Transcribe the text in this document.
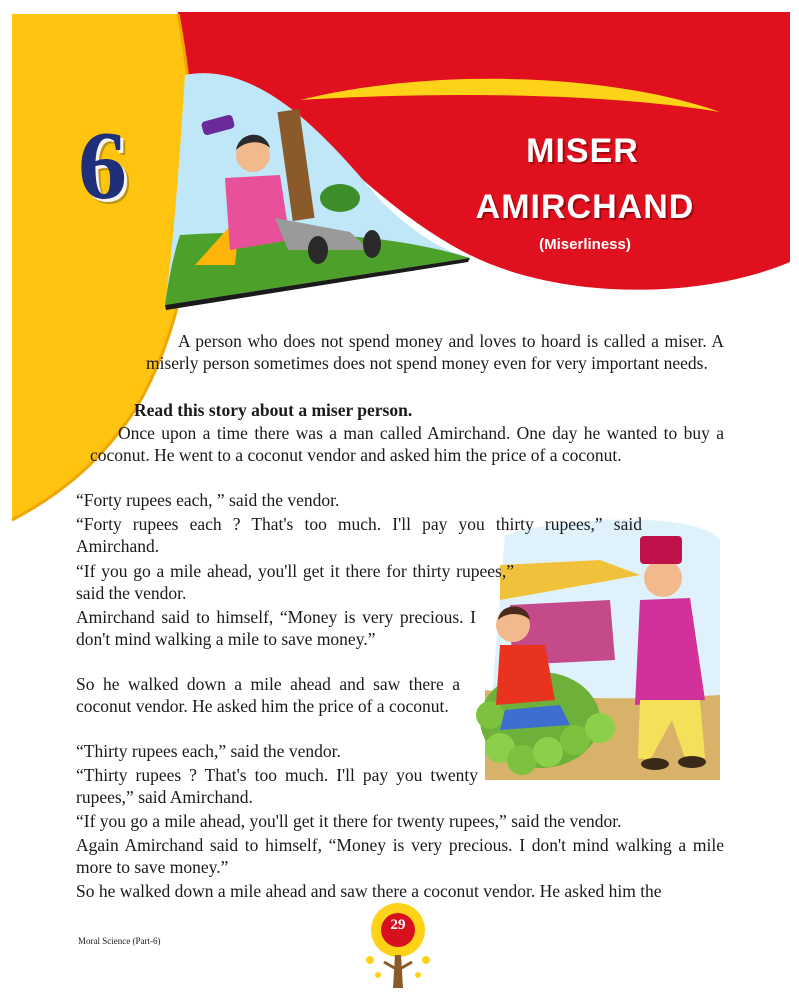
6	MISER
AMIRCHAND
(Miserliness)
A person who does not spend money and loves to hoard is called a miser. A miserly person sometimes does not spend money even for very important needs.
Read this story about a miser person.
Once upon a time there was a man called Amirchand. One day he wanted to buy a coconut. He went to a coconut vendor and asked him the price of a coconut.
“Forty rupees each, ” said the vendor.
“Forty rupees each ? That's too much. I'll pay you thirty rupees,” said Amirchand.
“If you go a mile ahead, you'll get it there for thirty rupees,” said the vendor.
Amirchand said to himself, “Money is very precious. I don't mind walking a mile to save money.”
So he walked down a mile ahead and saw there a coconut vendor. He asked him the price of a coconut.
“Thirty rupees each,” said the vendor.
“Thirty rupees ? That's too much. I'll pay you twenty rupees,” said Amirchand.
“If you go a mile ahead, you'll get it there for twenty rupees,” said the vendor.
Again Amirchand said to himself, “Money is very precious. I don't mind walking a mile more to save money.”
So he walked down a mile ahead and saw there a coconut vendor. He asked him the
Moral Science (Part-6)
29
